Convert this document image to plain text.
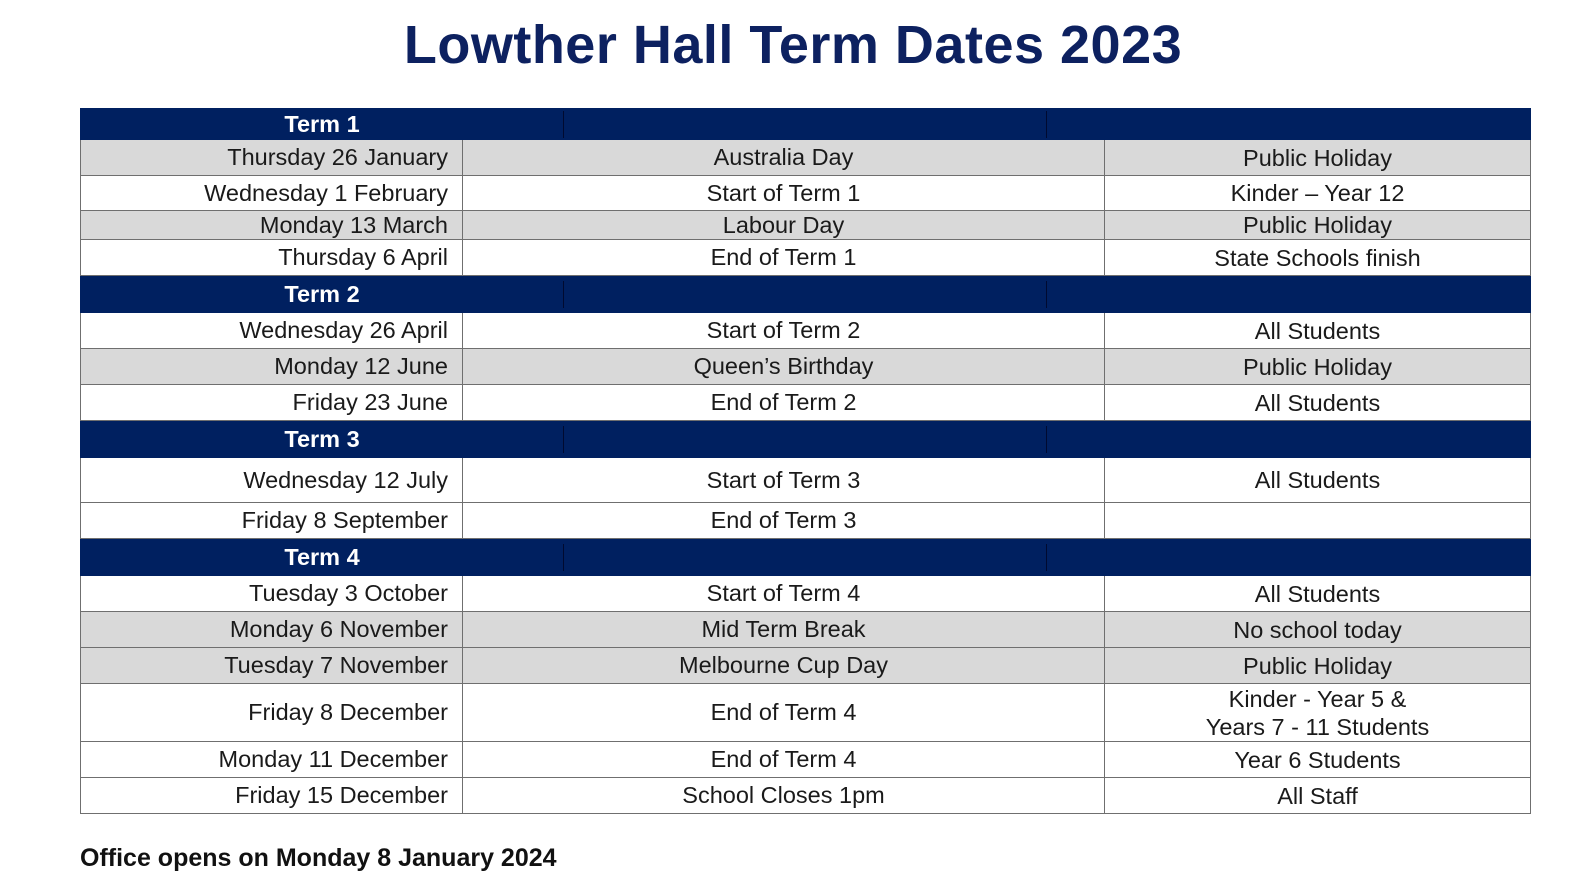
Lowther Hall Term Dates 2023
Term 1		

Thursday 26 January	Australia Day	Public Holiday
Wednesday 1 February	Start of Term 1	Kinder – Year 12
Monday 13 March	Labour Day	Public Holiday
Thursday 6 April	End of Term 1	State Schools finish

Term 2		

Wednesday 26 April	Start of Term 2	All Students
Monday 12 June	Queen’s Birthday	Public Holiday
Friday 23 June	End of Term 2	All Students

Term 3		

Wednesday 12 July	Start of Term 3	All Students
Friday 8 September	End of Term 3	

Term 4		

Tuesday 3 October	Start of Term 4	All Students
Monday 6 November	Mid Term Break	No school today
Tuesday 7 November	Melbourne Cup Day	Public Holiday
Friday 8 December	End of Term 4	Kinder - Year 5 &
Years 7 - 11 Students

Monday 11 December	End of Term 4	Year 6 Students
Friday 15 December	School Closes 1pm	All Staff
Office opens on Monday 8 January 2024
